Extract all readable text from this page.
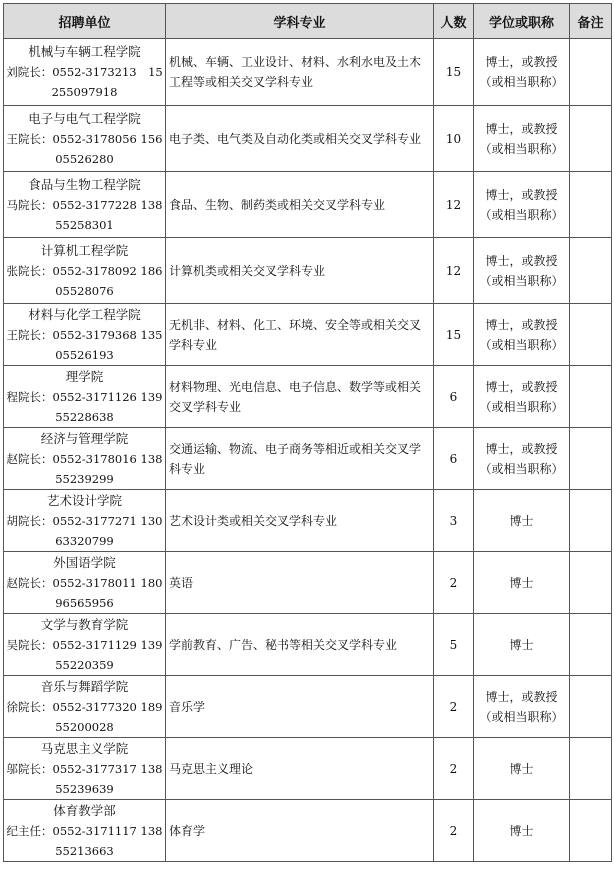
招聘单位	学科专业	人数	学位或职称	备注

机械与车辆工程学院
刘院长：0552-3173213　15255097918	机械、车辆、工业设计、材料、水利水电及土木工程等或相关交叉学科专业	15	博士，或教授（或相当职称）	

电子与电气工程学院
王院长：0552-3178056 15605526280	电子类、电气类及自动化类或相关交叉学科专业	10	博士，或教授（或相当职称）	

食品与生物工程学院
马院长：0552-3177228 13855258301	食品、生物、制药类或相关交叉学科专业	12	博士，或教授（或相当职称）	

计算机工程学院
张院长：0552-3178092 18605528076	计算机类或相关交叉学科专业	12	博士，或教授（或相当职称）	

材料与化学工程学院
王院长：0552-3179368 13505526193	无机非、材料、化工、环境、安全等或相关交叉学科专业	15	博士，或教授（或相当职称）	

理学院
程院长：0552-3171126 13955228638	材料物理、光电信息、电子信息、数学等或相关交叉学科专业	6	博士，或教授（或相当职称）	

经济与管理学院
赵院长：0552-3178016 13855239299	交通运输、物流、电子商务等相近或相关交叉学科专业	6	博士，或教授（或相当职称）	

艺术设计学院
胡院长：0552-3177271 13063320799	艺术设计类或相关交叉学科专业	3	博士	

外国语学院
赵院长：0552-3178011 18096565956	英语	2	博士	

文学与教育学院
吴院长：0552-3171129 13955220359	学前教育、广告、秘书等相关交叉学科专业	5	博士	

音乐与舞蹈学院
徐院长：0552-3177320 18955200028	音乐学	2	博士，或教授（或相当职称）	

马克思主义学院
邬院长：0552-3177317 13855239639	马克思主义理论	2	博士	

体育教学部
纪主任：0552-3171117 13855213663	体育学	2	博士	
